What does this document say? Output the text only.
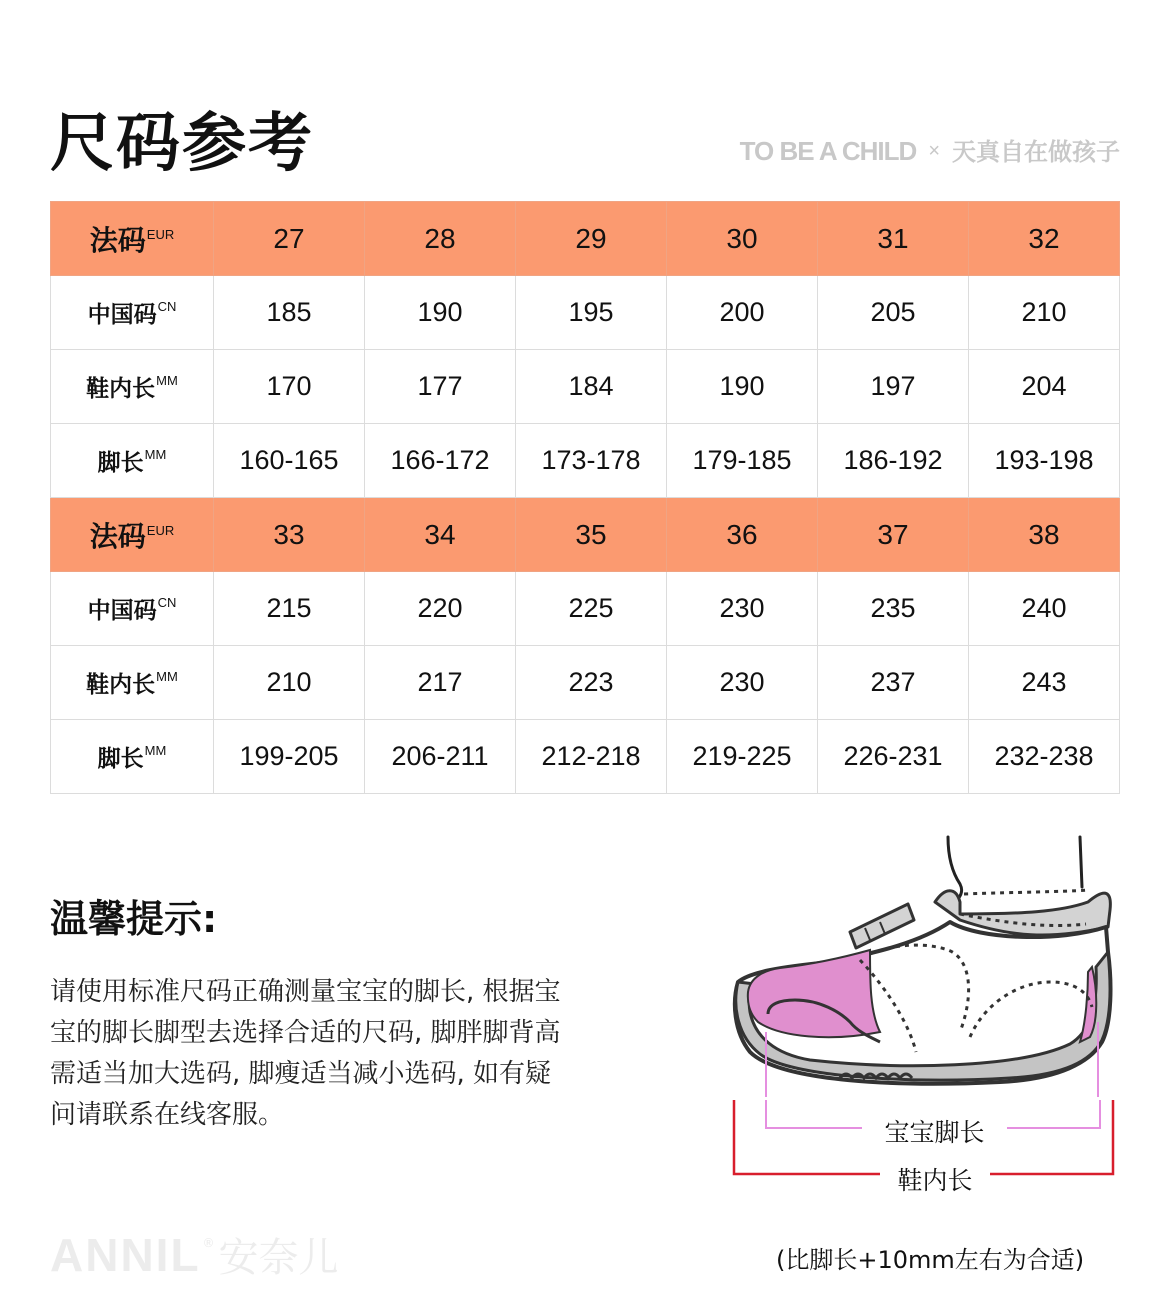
尺码参考	TO BE A CHILD × 天真自在做孩子
法码$^{EUR}$	27	28	29	30	31	32
中国码$^{CN}$	185	190	195	200	205	210
鞋内长$^{MM}$	170	177	184	190	197	204
脚长$^{MM}$	160-165	166-172	173-178	179-185	186-192	193-198
法码$^{EUR}$	33	34	35	36	37	38
中国码$^{CN}$	215	220	225	230	235	240
鞋内长$^{MM}$	210	217	223	230	237	243
脚长$^{MM}$	199-205	206-211	212-218	219-225	226-231	232-238
温馨提示:
请使用标准尺码正确测量宝宝的脚长, 根据宝
宝的脚长脚型去选择合适的尺码, 脚胖脚背高
需适当加大选码, 脚瘦适当减小选码, 如有疑
问请联系在线客服。
宝宝脚长
鞋内长
(比脚长+10mm左右为合适)
ANNIL ® 安奈儿
